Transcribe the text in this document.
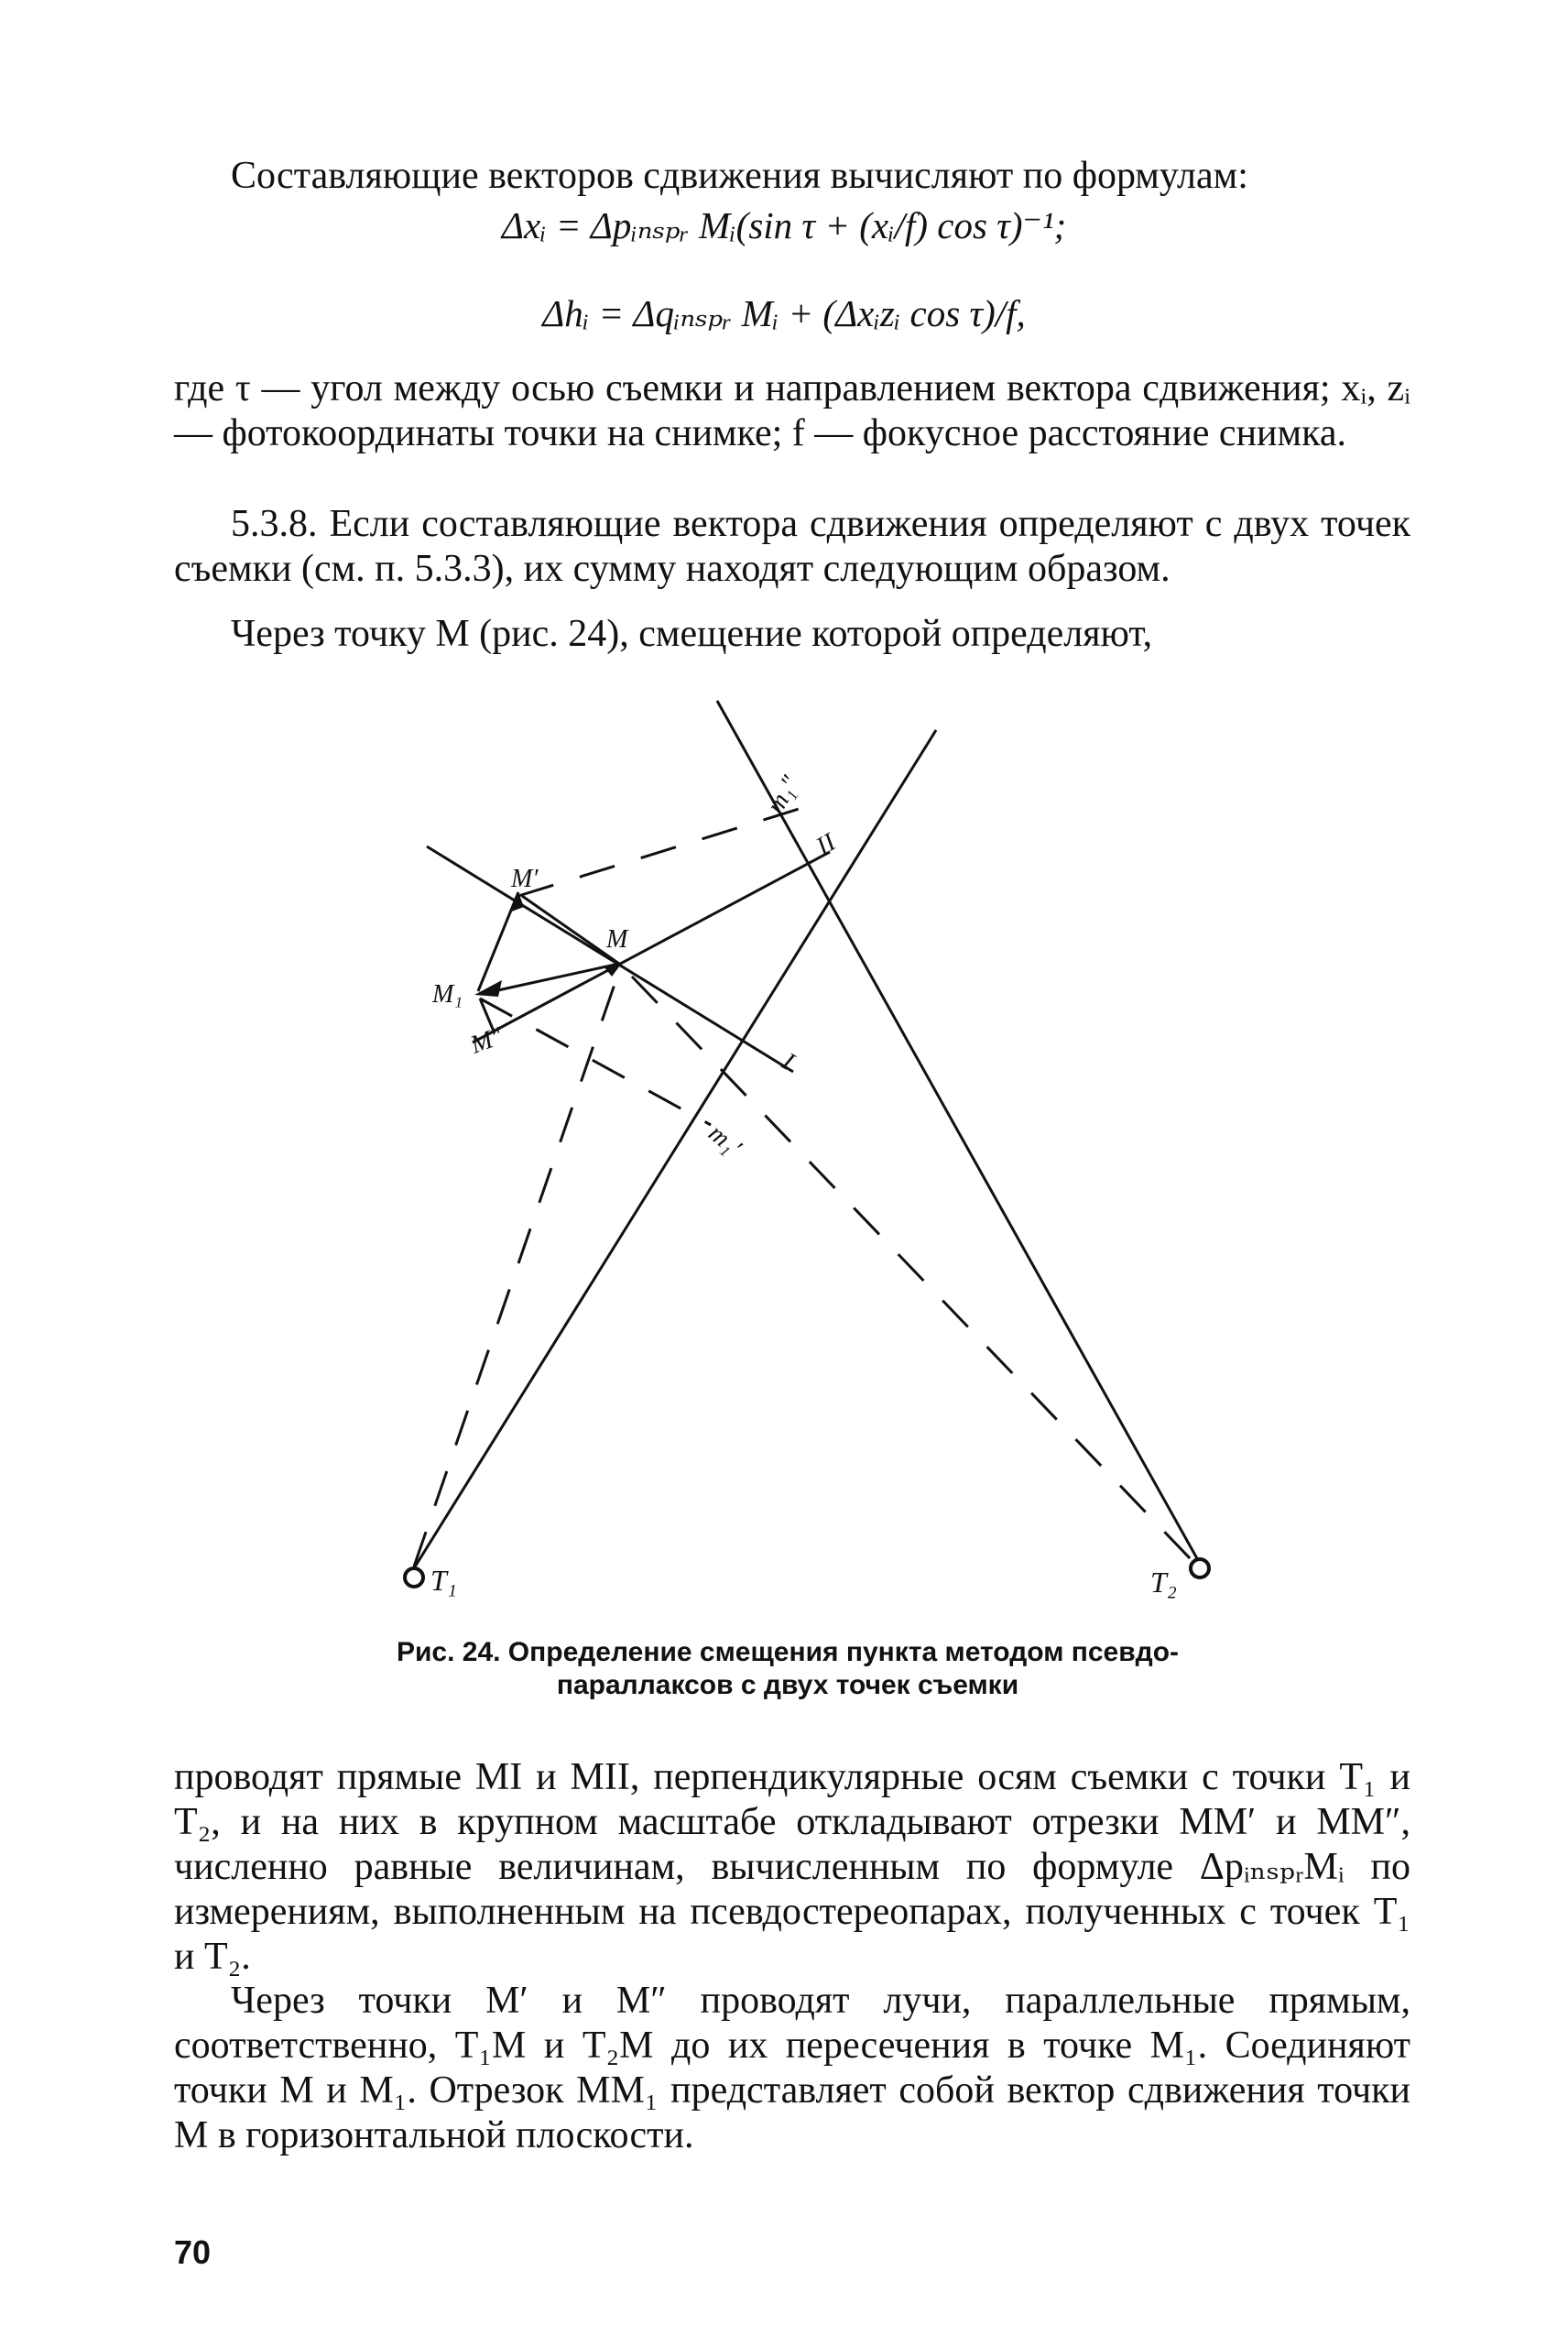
Составляющие векторов сдвижения вычисляют по формулам:

Δxᵢ = Δpᵢₙₛₚᵣ Mᵢ(sin τ + (xᵢ/f) cos τ)⁻¹;
Δhᵢ = Δqᵢₙₛₚᵣ Mᵢ + (Δxᵢzᵢ cos τ)/f,

где τ — угол между осью съемки и направлением вектора сдвижения; xᵢ, zᵢ — фотокоординаты точки на снимке; f — фокусное расстояние снимка.

5.3.8. Если составляющие вектора сдвижения определяют с двух точек съемки (см. п. 5.3.3), их сумму находят следующим образом.

Через точку М (рис. 24), смещение которой определяют,

m₁″
II
M′
M
M₁
M″
I
m₁′
T₁	T₂
Рис. 24. Определение смещения пункта методом псевдо-
параллаксов с двух точек съемки

проводят прямые MI и MII, перпендикулярные осям съемки с точки T₁ и T₂, и на них в крупном масштабе откладывают отрезки MM′ и MM″, численно равные величинам, вычисленным по формуле ΔpᵢₙₛₚᵣMᵢ по измерениям, выполненным на псевдостереопарах, полученных с точек T₁ и T₂.

Через точки M′ и M″ проводят лучи, параллельные прямым, соответственно, T₁M и T₂M до их пересечения в точке M₁. Соединяют точки M и M₁. Отрезок MM₁ представляет собой вектор сдвижения точки M в горизонтальной плоскости.

70
